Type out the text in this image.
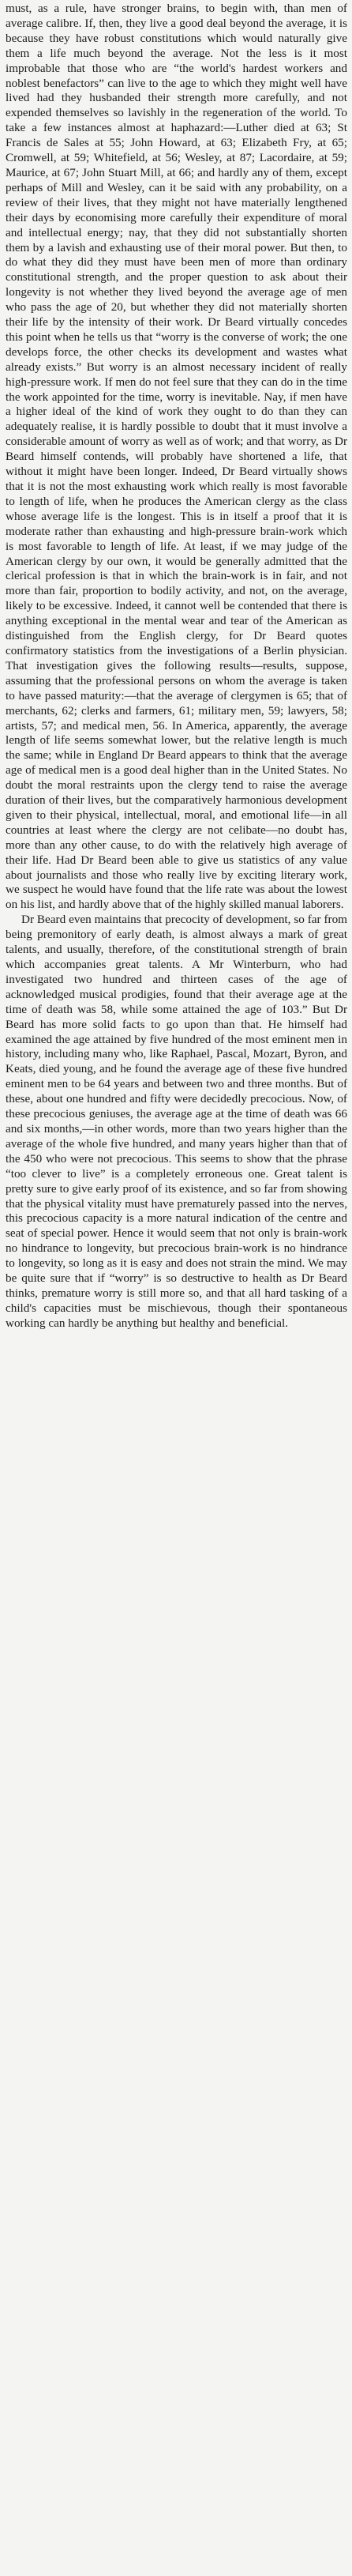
must, as a rule, have stronger brains, to begin with, than men of average calibre. If, then, they live a good deal beyond the average, it is because they have robust constitutions which would naturally give them a life much beyond the average. Not the less is it most improbable that those who are “the world's hardest workers and noblest benefactors” can live to the age to which they might well have lived had they husbanded their strength more carefully, and not expended themselves so lavishly in the regeneration of the world. To take a few instances almost at haphazard:—Luther died at 63; St Francis de Sales at 55; John Howard, at 63; Elizabeth Fry, at 65; Cromwell, at 59; Whitefield, at 56; Wesley, at 87; Lacordaire, at 59; Maurice, at 67; John Stuart Mill, at 66; and hardly any of them, except perhaps of Mill and Wesley, can it be said with any probability, on a review of their lives, that they might not have materially lengthened their days by economising more carefully their expenditure of moral and intellectual energy; nay, that they did not substantially shorten them by a lavish and exhausting use of their moral power. But then, to do what they did they must have been men of more than ordinary constitutional strength, and the proper question to ask about their longevity is not whether they lived beyond the average age of men who pass the age of 20, but whether they did not materially shorten their life by the intensity of their work. Dr Beard virtually concedes this point when he tells us that “worry is the converse of work; the one develops force, the other checks its development and wastes what already exists.” But worry is an almost necessary incident of really high-pressure work. If men do not feel sure that they can do in the time the work appointed for the time, worry is inevitable. Nay, if men have a higher ideal of the kind of work they ought to do than they can adequately realise, it is hardly possible to doubt that it must involve a considerable amount of worry as well as of work; and that worry, as Dr Beard himself contends, will probably have shortened a life, that without it might have been longer. Indeed, Dr Beard virtually shows that it is not the most exhausting work which really is most favorable to length of life, when he produces the American clergy as the class whose average life is the longest. This is in itself a proof that it is moderate rather than exhausting and high-pressure brain-work which is most favorable to length of life. At least, if we may judge of the American clergy by our own, it would be generally admitted that the clerical profession is that in which the brain-work is in fair, and not more than fair, proportion to bodily activity, and not, on the average, likely to be excessive. Indeed, it cannot well be contended that there is anything exceptional in the mental wear and tear of the American as distinguished from the English clergy, for Dr Beard quotes confirmatory statistics from the investigations of a Berlin physician. That investigation gives the following results—results, suppose, assuming that the professional persons on whom the average is taken to have passed maturity:—that the average of clergymen is 65; that of merchants, 62; clerks and farmers, 61; military men, 59; lawyers, 58; artists, 57; and medical men, 56. In America, apparently, the average length of life seems somewhat lower, but the relative length is much the same; while in England Dr Beard appears to think that the average age of medical men is a good deal higher than in the United States. No doubt the moral restraints upon the clergy tend to raise the average duration of their lives, but the comparatively harmonious development given to their physical, intellectual, moral, and emotional life—in all countries at least where the clergy are not celibate—no doubt has, more than any other cause, to do with the relatively high average of their life. Had Dr Beard been able to give us statistics of any value about journalists and those who really live by exciting literary work, we suspect he would have found that the life rate was about the lowest on his list, and hardly above that of the highly skilled manual laborers.

Dr Beard even maintains that precocity of development, so far from being premonitory of early death, is almost always a mark of great talents, and usually, therefore, of the constitutional strength of brain which accompanies great talents. A Mr Winterburn, who had investigated two hundred and thirteen cases of the age of acknowledged musical prodigies, found that their average age at the time of death was 58, while some attained the age of 103.” But Dr Beard has more solid facts to go upon than that. He himself had examined the age attained by five hundred of the most eminent men in history, including many who, like Raphael, Pascal, Mozart, Byron, and Keats, died young, and he found the average age of these five hundred eminent men to be 64 years and between two and three months. But of these, about one hundred and fifty were decidedly precocious. Now, of these precocious geniuses, the average age at the time of death was 66 and six months,—in other words, more than two years higher than the average of the whole five hundred, and many years higher than that of the 450 who were not precocious. This seems to show that the phrase “too clever to live” is a completely erroneous one. Great talent is pretty sure to give early proof of its existence, and so far from showing that the physical vitality must have prematurely passed into the nerves, this precocious capacity is a more natural indication of the centre and seat of special power. Hence it would seem that not only is brain-work no hindrance to longevity, but precocious brain-work is no hindrance to longevity, so long as it is easy and does not strain the mind. We may be quite sure that if “worry” is so destructive to health as Dr Beard thinks, premature worry is still more so, and that all hard tasking of a child's capacities must be mischievous, though their spontaneous working can hardly be anything but healthy and beneficial.
